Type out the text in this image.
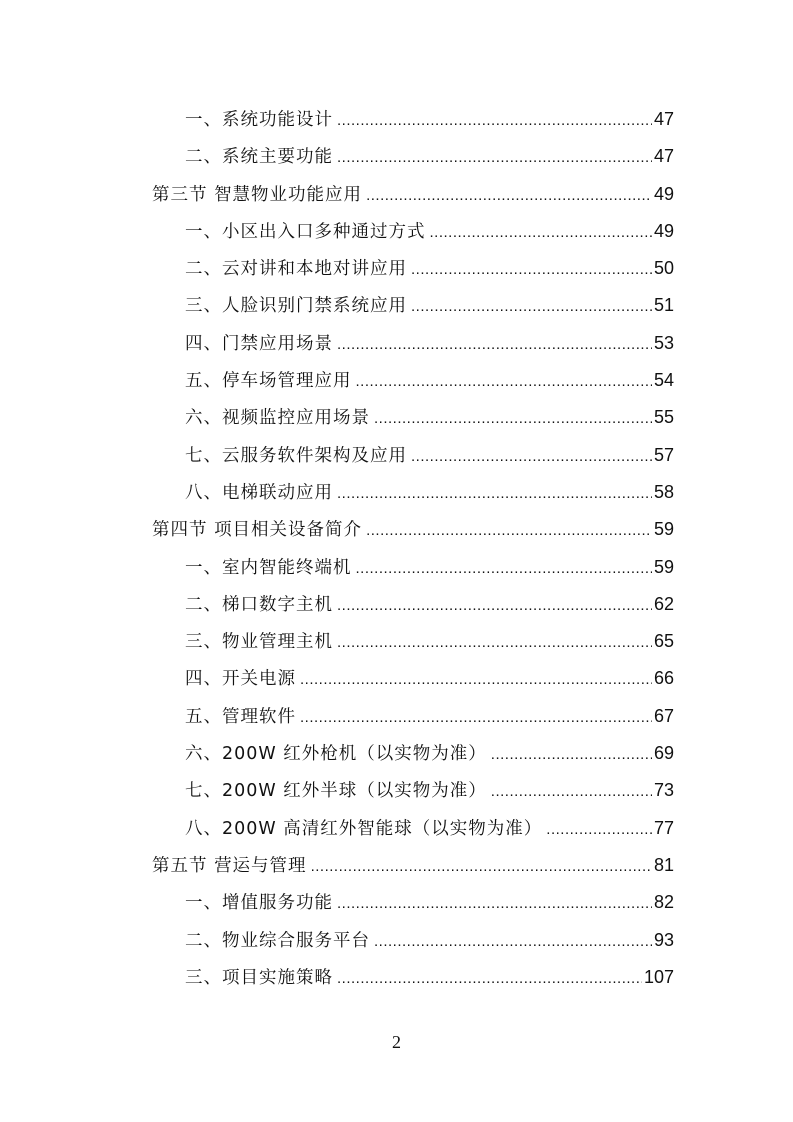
一、系统功能设计 .....	47
二、系统主要功能 .....	47
第三节 智慧物业功能应用 .....	49
一、小区出入口多种通过方式 .....	49
二、云对讲和本地对讲应用 .....	50
三、人脸识别门禁系统应用 .....	51
四、门禁应用场景 .....	53
五、停车场管理应用 .....	54
六、视频监控应用场景 .....	55
七、云服务软件架构及应用 .....	57
八、电梯联动应用 .....	58
第四节 项目相关设备简介 .....	59
一、室内智能终端机 .....	59
二、梯口数字主机 .....	62
三、物业管理主机 .....	65
四、开关电源 .....	66
五、管理软件 .....	67
六、200W 红外枪机（以实物为准） .....	69
七、200W 红外半球（以实物为准） .....	73
八、200W 高清红外智能球（以实物为准） .....	77
第五节 营运与管理 .....	81
一、增值服务功能 .....	82
二、物业综合服务平台 .....	93
三、项目实施策略 .....	107
2
